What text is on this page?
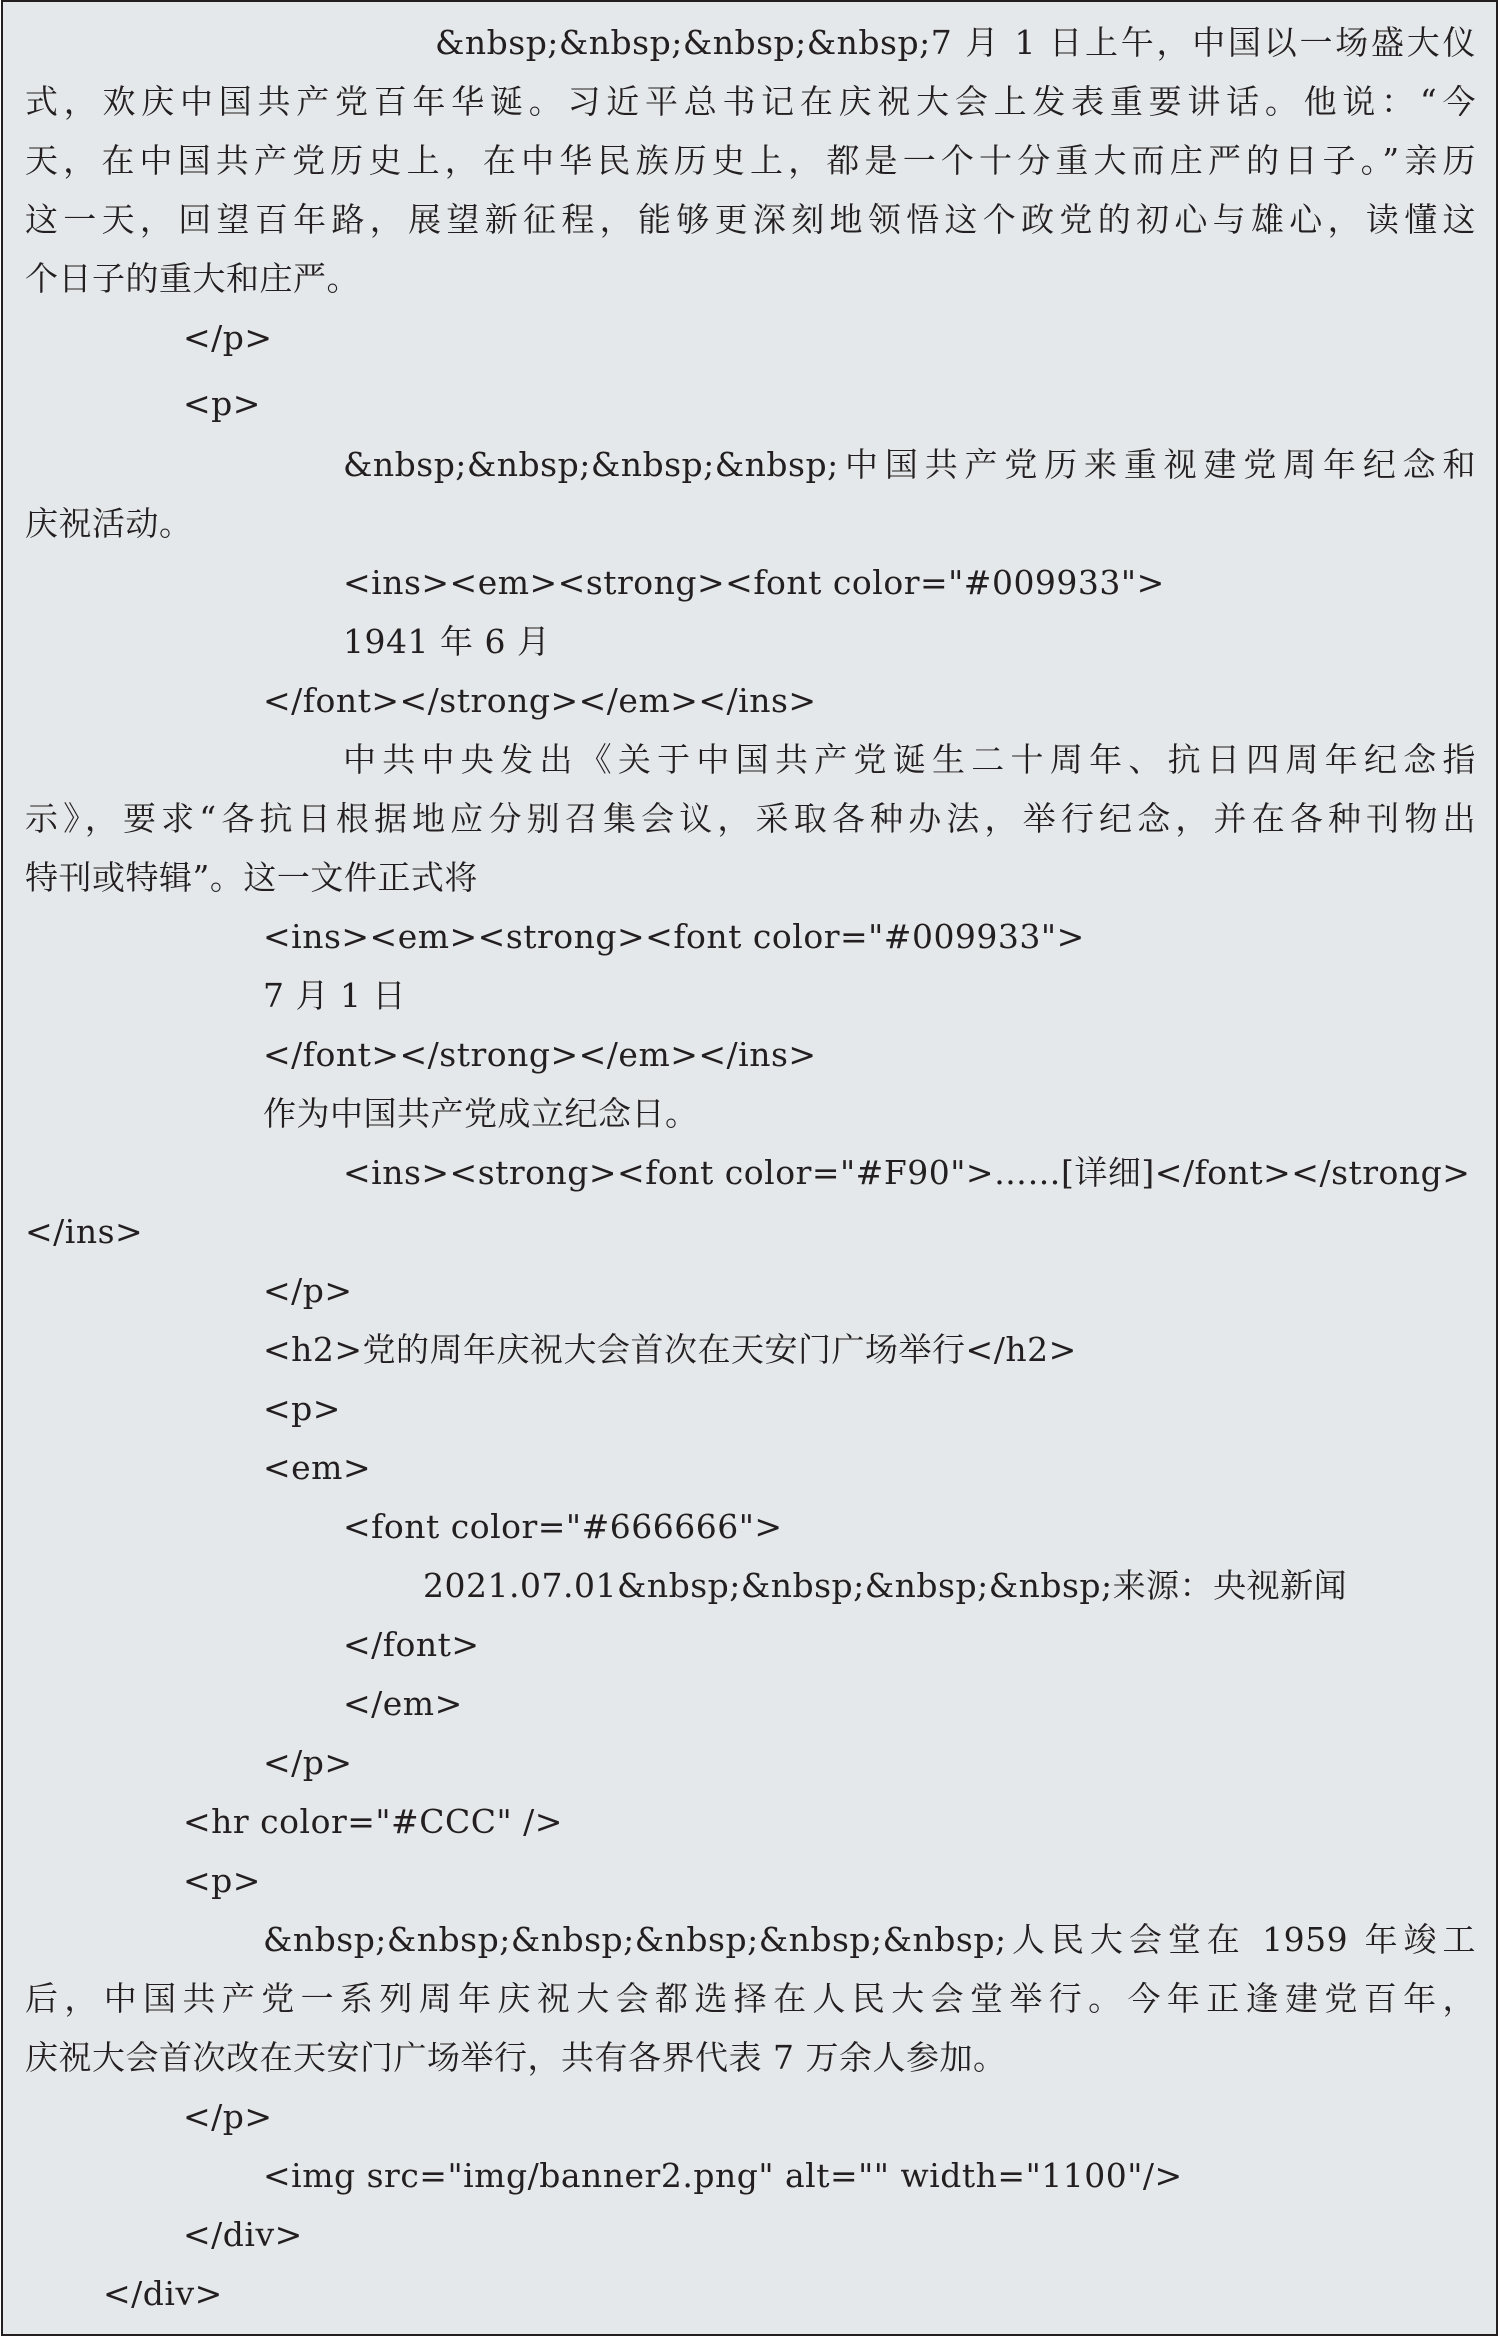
&nbsp;&nbsp;&nbsp;&nbsp;7 月 1 日上午，中国以一场盛大仪
式，欢庆中国共产党百年华诞。习近平总书记在庆祝大会上发表重要讲话。他说：“今
天，在中国共产党历史上，在中华民族历史上，都是一个十分重大而庄严的日子。”亲历
这一天，回望百年路，展望新征程，能够更深刻地领悟这个政党的初心与雄心，读懂这
个日子的重大和庄严。
</p>
<p>
&nbsp;&nbsp;&nbsp;&nbsp;中国共产党历来重视建党周年纪念和
庆祝活动。
<ins><em><strong><font color="#009933">
1941 年 6 月
</font></strong></em></ins>
中共中央发出《关于中国共产党诞生二十周年、抗日四周年纪念指
示》，要求“各抗日根据地应分别召集会议，采取各种办法，举行纪念，并在各种刊物出
特刊或特辑”。这一文件正式将
<ins><em><strong><font color="#009933">
7 月 1 日
</font></strong></em></ins>
作为中国共产党成立纪念日。
<ins><strong><font color="#F90">……[详细]</font></strong>
</ins>
</p>
<h2>党的周年庆祝大会首次在天安门广场举行</h2>
<p>
<em>
<font color="#666666">
2021.07.01&nbsp;&nbsp;&nbsp;&nbsp;来源：央视新闻
</font>
</em>
</p>
<hr color="#CCC" />
<p>
&nbsp;&nbsp;&nbsp;&nbsp;&nbsp;&nbsp;人民大会堂在 1959 年竣工
后，中国共产党一系列周年庆祝大会都选择在人民大会堂举行。今年正逢建党百年，
庆祝大会首次改在天安门广场举行，共有各界代表 7 万余人参加。
</p>
<img src="img/banner2.png" alt="" width="1100"/>
</div>
</div>
